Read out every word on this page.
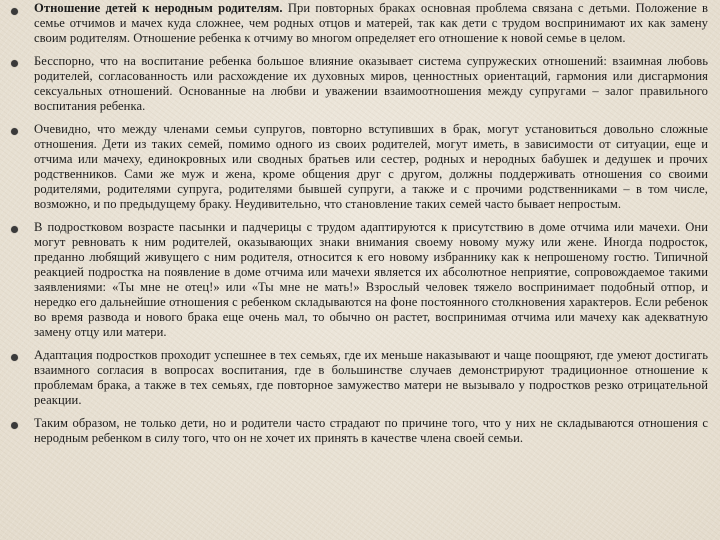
Отношение детей к неродным родителям. При повторных браках основная проблема связана с детьми. Положение в семье отчимов и мачех куда сложнее, чем родных отцов и матерей, так как дети с трудом воспринимают их как замену своим родителям. Отношение ребенка к отчиму во многом определяет его отношение к новой семье в целом.
Бесспорно, что на воспитание ребенка большое влияние оказывает система супружеских отношений: взаимная любовь родителей, согласованность или расхождение их духовных миров, ценностных ориентаций, гармония или дисгармония сексуальных отношений. Основанные на любви и уважении взаимоотношения между супругами – залог правильного воспитания ребенка.
Очевидно, что между членами семьи супругов, повторно вступивших в брак, могут установиться довольно сложные отношения. Дети из таких семей, помимо одного из своих родителей, могут иметь, в зависимости от ситуации, еще и отчима или мачеху, единокровных или сводных братьев или сестер, родных и неродных бабушек и дедушек и прочих родственников. Сами же муж и жена, кроме общения друг с другом, должны поддерживать отношения со своими родителями, родителями супруга, родителями бывшей супруги, а также и с прочими родственниками – в том числе, возможно, и по предыдущему браку. Неудивительно, что становление таких семей часто бывает непростым.
В подростковом возрасте пасынки и падчерицы с трудом адаптируются к присутствию в доме отчима или мачехи. Они могут ревновать к ним родителей, оказывающих знаки внимания своему новому мужу или жене. Иногда подросток, преданно любящий живущего с ним родителя, относится к его новому избраннику как к непрошеному гостю. Типичной реакцией подростка на появление в доме отчима или мачехи является их абсолютное неприятие, сопровождаемое такими заявлениями: «Ты мне не отец!» или «Ты мне не мать!» Взрослый человек тяжело воспринимает подобный отпор, и нередко его дальнейшие отношения с ребенком складываются на фоне постоянного столкновения характеров. Если ребенок во время развода и нового брака еще очень мал, то обычно он растет, воспринимая отчима или мачеху как адекватную замену отцу или матери.
Адаптация подростков проходит успешнее в тех семьях, где их меньше наказывают и чаще поощряют, где умеют достигать взаимного согласия в вопросах воспитания, где в большинстве случаев демонстрируют традиционное отношение к проблемам брака, а также в тех семьях, где повторное замужество матери не вызывало у подростков резко отрицательной реакции.
Таким образом, не только дети, но и родители часто страдают по причине того, что у них не складываются отношения с неродным ребенком в силу того, что он не хочет их принять в качестве члена своей семьи.
